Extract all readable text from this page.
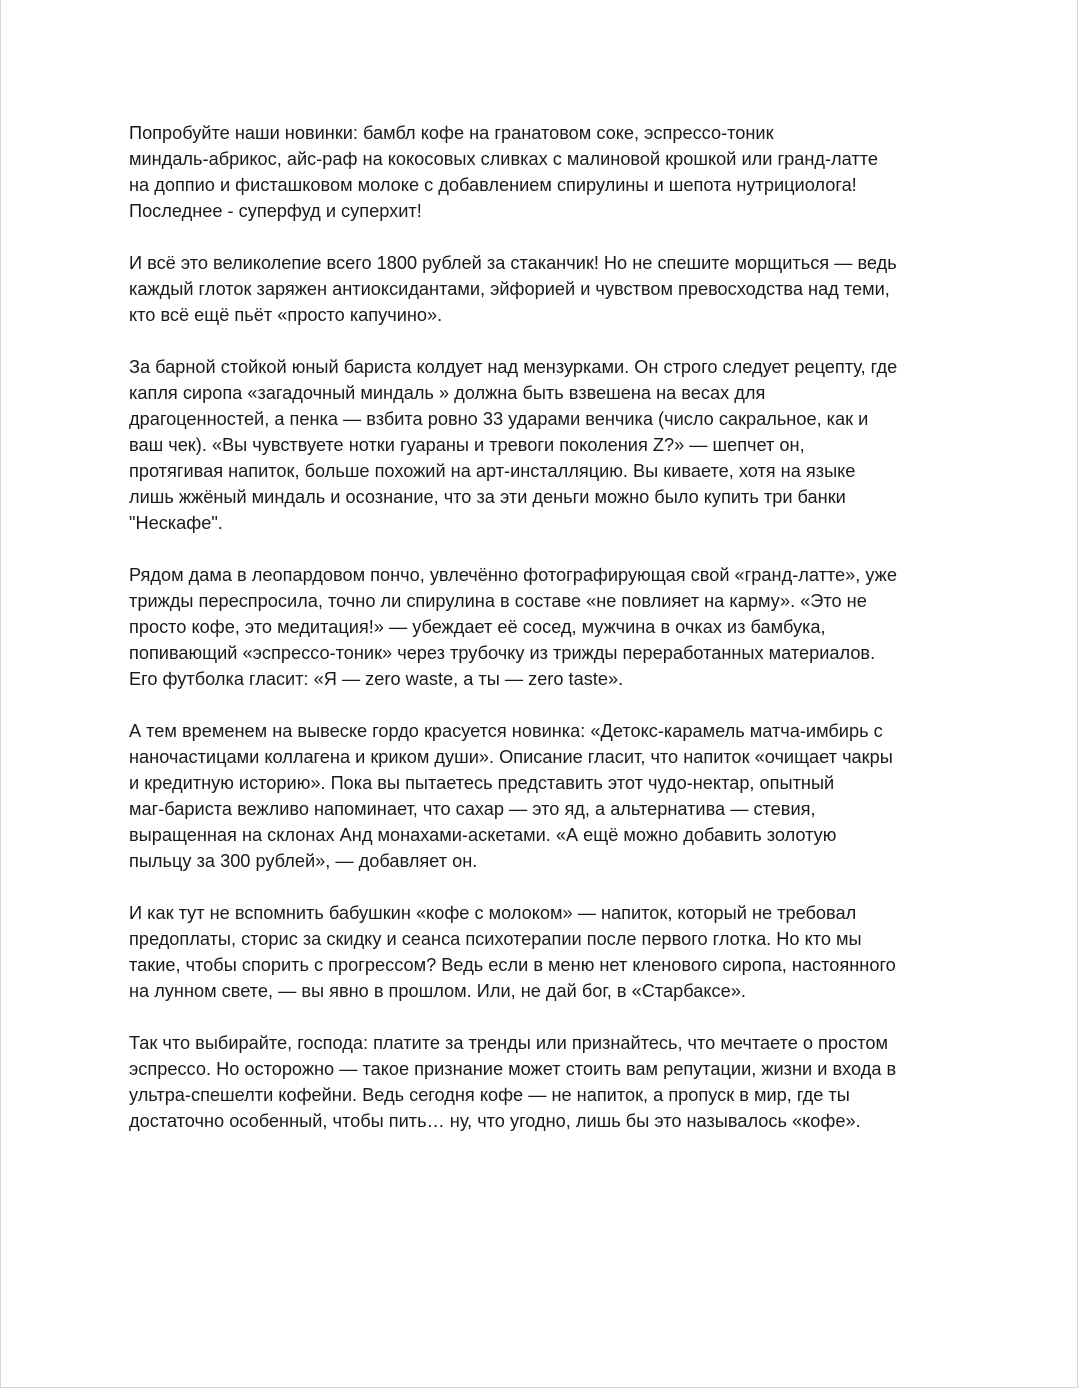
Попробуйте наши новинки: бамбл кофе на гранатовом соке, эспрессо-тоник
миндаль-абрикос, айс-раф на кокосовых сливках с малиновой крошкой или гранд-латте
на доппио и фисташковом молоке с добавлением спирулины и шепота нутрициолога!
Последнее - суперфуд и суперхит!

И всё это великолепие всего 1800 рублей за стаканчик! Но не спешите морщиться — ведь
каждый глоток заряжен антиоксидантами, эйфорией и чувством превосходства над теми,
кто всё ещё пьёт «просто капучино».

За барной стойкой юный бариста колдует над мензурками. Он строго следует рецепту, где
капля сиропа «загадочный миндаль » должна быть взвешена на весах для
драгоценностей, а пенка — взбита ровно 33 ударами венчика (число сакральное, как и
ваш чек). «Вы чувствуете нотки гуараны и тревоги поколения Z?» — шепчет он,
протягивая напиток, больше похожий на арт-инсталляцию. Вы киваете, хотя на языке
лишь жжёный миндаль и осознание, что за эти деньги можно было купить три банки
"Нескафе".

Рядом дама в леопардовом пончо, увлечённо фотографирующая свой «гранд-латте», уже
трижды переспросила, точно ли спирулина в составе «не повлияет на карму». «Это не
просто кофе, это медитация!» — убеждает её сосед, мужчина в очках из бамбука,
попивающий «эспрессо-тоник» через трубочку из трижды переработанных материалов.
Его футболка гласит: «Я — zero waste, а ты — zero taste».

А тем временем на вывеске гордо красуется новинка: «Детокс-карамель матча-имбирь с
наночастицами коллагена и криком души». Описание гласит, что напиток «очищает чакры
и кредитную историю». Пока вы пытаетесь представить этот чудо-нектар, опытный
маг-бариста вежливо напоминает, что сахар — это яд, а альтернатива — стевия,
выращенная на склонах Анд монахами-аскетами. «А ещё можно добавить золотую
пыльцу за 300 рублей», — добавляет он.

И как тут не вспомнить бабушкин «кофе с молоком» — напиток, который не требовал
предоплаты, сторис за скидку и сеанса психотерапии после первого глотка. Но кто мы
такие, чтобы спорить с прогрессом? Ведь если в меню нет кленового сиропа, настоянного
на лунном свете, — вы явно в прошлом. Или, не дай бог, в «Старбаксе».

Так что выбирайте, господа: платите за тренды или признайтесь, что мечтаете о простом
эспрессо. Но осторожно — такое признание может стоить вам репутации, жизни и входа в
ультра-спешелти кофейни. Ведь сегодня кофе — не напиток, а пропуск в мир, где ты
достаточно особенный, чтобы пить… ну, что угодно, лишь бы это называлось «кофе».
